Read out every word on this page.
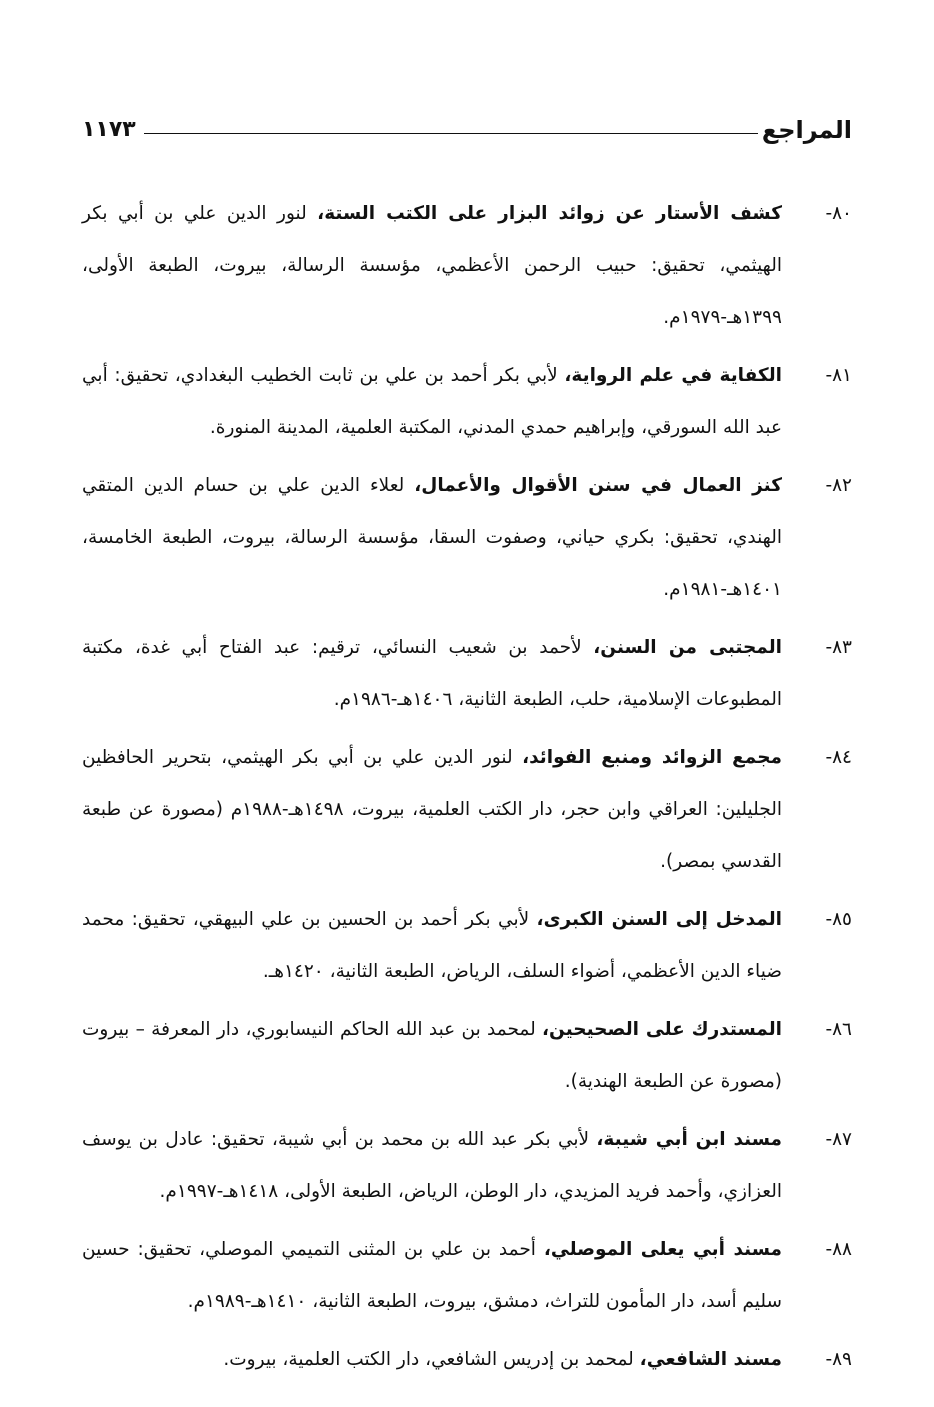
المراجع
١١٧٣
٨٠-
كشف الأستار عن زوائد البزار على الكتب الستة، لنور الدين علي بن أبي بكر الهيثمي، تحقيق: حبيب الرحمن الأعظمي، مؤسسة الرسالة، بيروت، الطبعة الأولى، ١٣٩٩هـ-١٩٧٩م.
٨١-
الكفاية في علم الرواية، لأبي بكر أحمد بن علي بن ثابت الخطيب البغدادي، تحقيق: أبي عبد الله السورقي، وإبراهيم حمدي المدني، المكتبة العلمية، المدينة المنورة.
٨٢-
كنز العمال في سنن الأقوال والأعمال، لعلاء الدين علي بن حسام الدين المتقي الهندي، تحقيق: بكري حياني، وصفوت السقا، مؤسسة الرسالة، بيروت، الطبعة الخامسة، ١٤٠١هـ-١٩٨١م.
٨٣-
المجتبى من السنن، لأحمد بن شعيب النسائي، ترقيم: عبد الفتاح أبي غدة، مكتبة المطبوعات الإسلامية، حلب، الطبعة الثانية، ١٤٠٦هـ-١٩٨٦م.
٨٤-
مجمع الزوائد ومنبع الفوائد، لنور الدين علي بن أبي بكر الهيثمي، بتحرير الحافظين الجليلين: العراقي وابن حجر، دار الكتب العلمية، بيروت، ١٤٩٨هـ-١٩٨٨م (مصورة عن طبعة القدسي بمصر).
٨٥-
المدخل إلى السنن الكبرى، لأبي بكر أحمد بن الحسين بن علي البيهقي، تحقيق: محمد ضياء الدين الأعظمي، أضواء السلف، الرياض، الطبعة الثانية، ١٤٢٠هـ.
٨٦-
المستدرك على الصحيحين، لمحمد بن عبد الله الحاكم النيسابوري، دار المعرفة – بيروت (مصورة عن الطبعة الهندية).
٨٧-
مسند ابن أبي شيبة، لأبي بكر عبد الله بن محمد بن أبي شيبة، تحقيق: عادل بن يوسف العزازي، وأحمد فريد المزيدي، دار الوطن، الرياض، الطبعة الأولى، ١٤١٨هـ-١٩٩٧م.
٨٨-
مسند أبي يعلى الموصلي، أحمد بن علي بن المثنى التميمي الموصلي، تحقيق: حسين سليم أسد، دار المأمون للتراث، دمشق، بيروت، الطبعة الثانية، ١٤١٠هـ-١٩٨٩م.
٨٩-
مسند الشافعي، لمحمد بن إدريس الشافعي، دار الكتب العلمية، بيروت.
